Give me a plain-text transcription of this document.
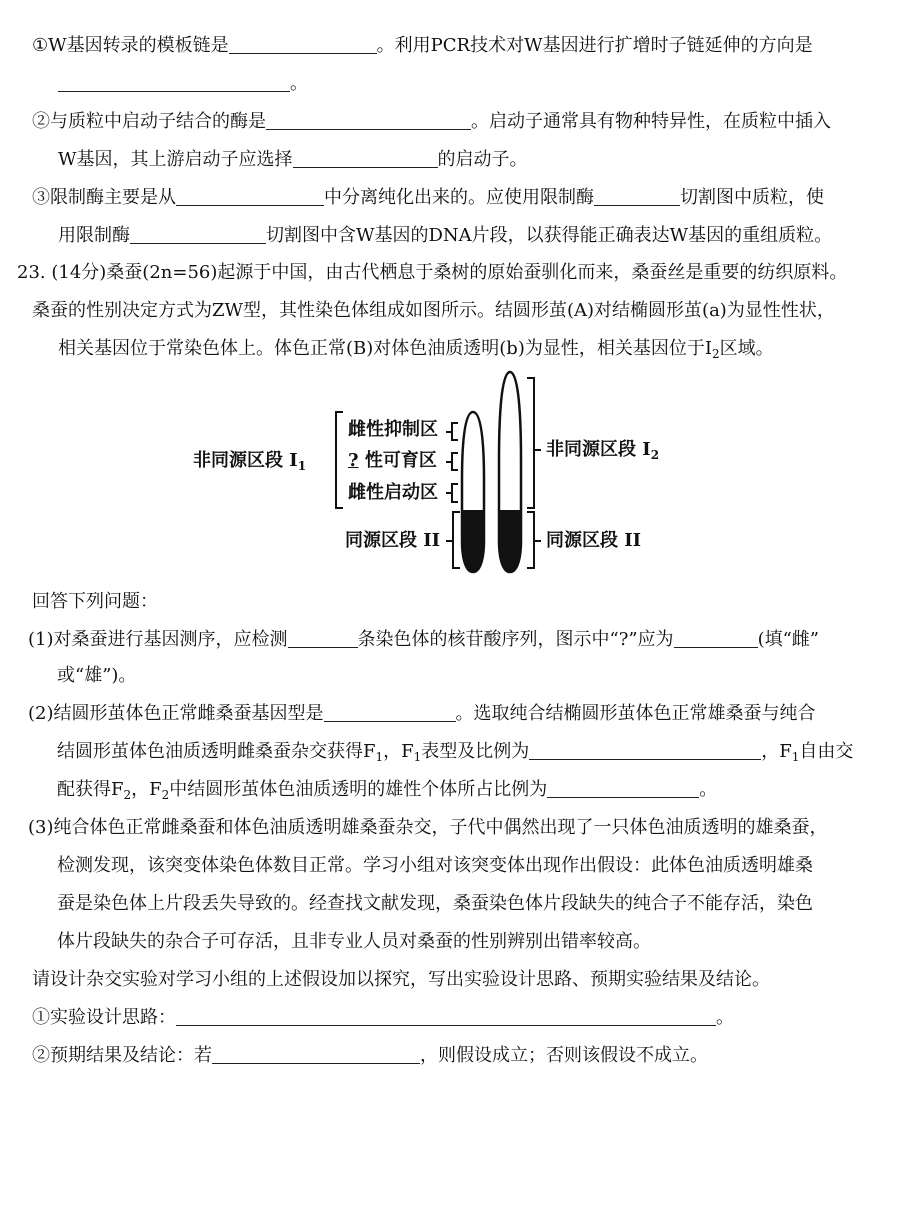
①W基因转录的模板链是	。利用PCR技术对W基因进行扩增时子链延伸的方向是
。
②与质粒中启动子结合的酶是	。启动子通常具有物种特异性，在质粒中插入
W基因，其上游启动子应选择	的启动子。
③限制酶主要是从	中分离纯化出来的。应使用限制酶	切割图中质粒，使
用限制酶	切割图中含W基因的DNA片段，以获得能正确表达W基因的重组质粒。
23. (14分)桑蚕(2n=56)起源于中国，由古代栖息于桑树的原始蚕驯化而来，桑蚕丝是重要的纺织原料。
桑蚕的性别决定方式为ZW型，其性染色体组成如图所示。结圆形茧(A)对结椭圆形茧(a)为显性性状，
相关基因位于常染色体上。体色正常(B)对体色油质透明(b)为显性，相关基因位于$I_2$区域。
非同源区段 $I_1$
雌性抑制区
? 性可育区
雌性启动区
同源区段 II
非同源区段 $I_2$
同源区段 II
回答下列问题：
(1)对桑蚕进行基因测序，应检测	条染色体的核苷酸序列，图示中“?”应为	(填“雌”
或“雄”)。
(2)结圆形茧体色正常雌桑蚕基因型是	。选取纯合结椭圆形茧体色正常雄桑蚕与纯合
结圆形茧体色油质透明雌桑蚕杂交获得$F_1$，$F_1$表型及比例为	，$F_1$自由交
配获得$F_2$，$F_2$中结圆形茧体色油质透明的雄性个体所占比例为	。
(3)纯合体色正常雌桑蚕和体色油质透明雄桑蚕杂交，子代中偶然出现了一只体色油质透明的雄桑蚕，
检测发现，该突变体染色体数目正常。学习小组对该突变体出现作出假设：此体色油质透明雄桑
蚕是染色体上片段丢失导致的。经查找文献发现，桑蚕染色体片段缺失的纯合子不能存活，染色
体片段缺失的杂合子可存活，且非专业人员对桑蚕的性别辨别出错率较高。
请设计杂交实验对学习小组的上述假设加以探究，写出实验设计思路、预期实验结果及结论。
①实验设计思路：	。
②预期结果及结论：若	，则假设成立；否则该假设不成立。
